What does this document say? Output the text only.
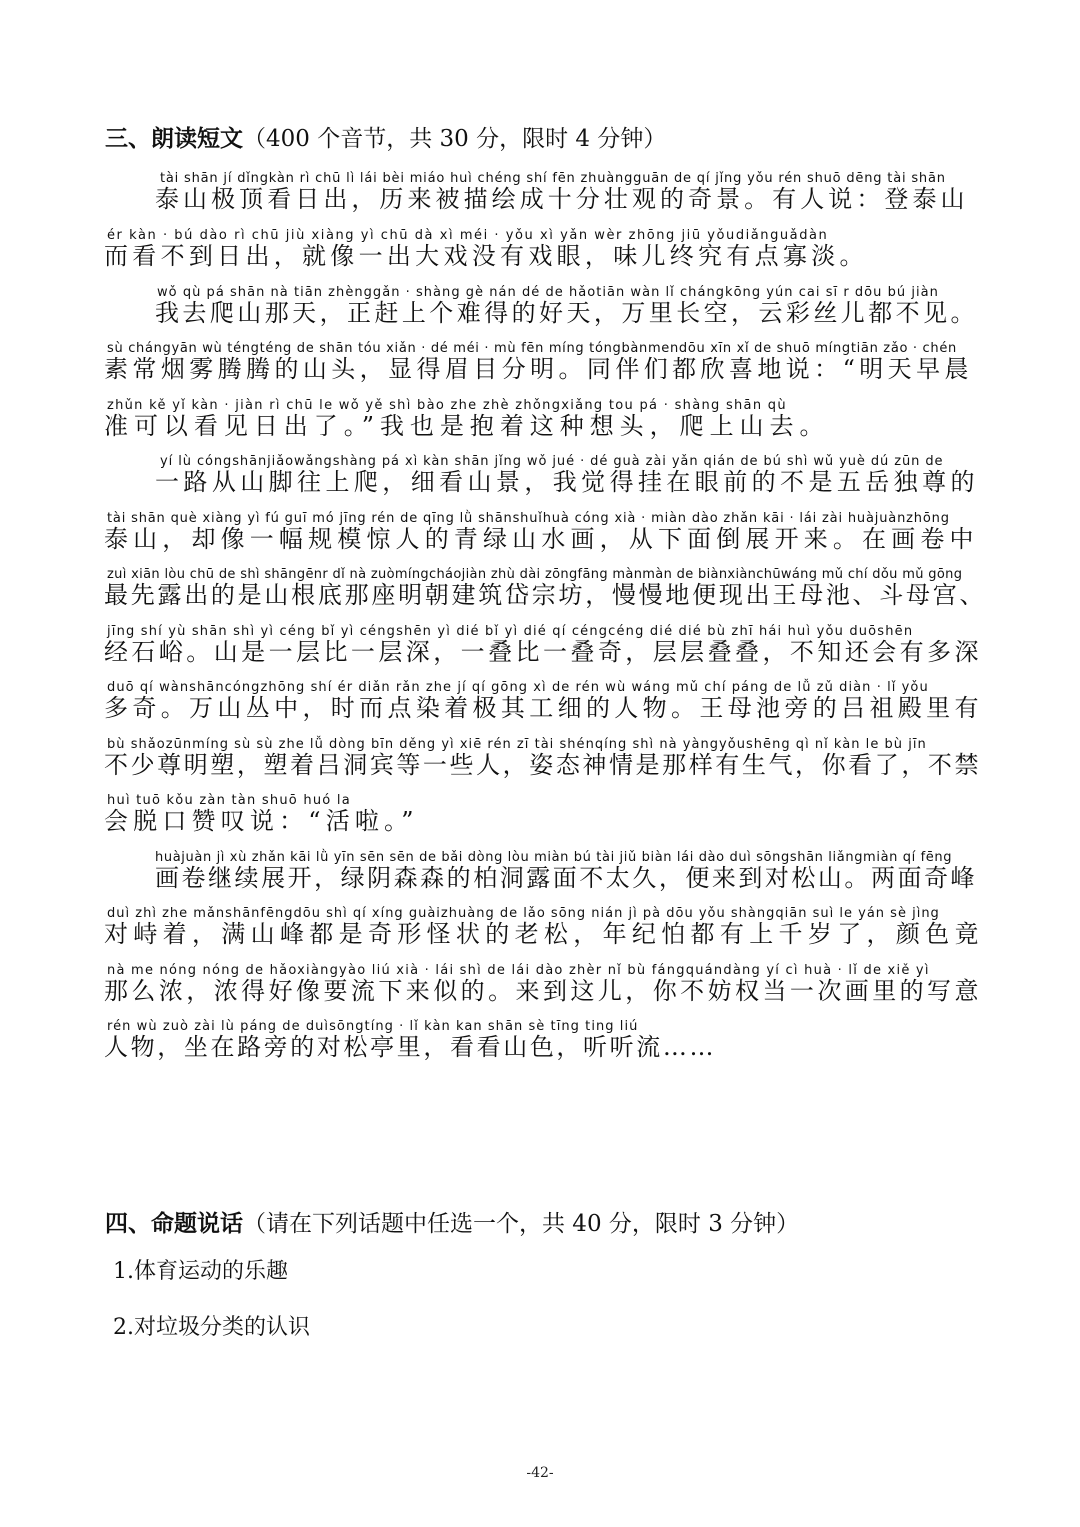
三、朗读短文（400 个音节，共 30 分，限时 4 分钟）
tài shān jí dǐngkàn rì chū lì lái bèi miáo huì chéng shí fēn zhuàngguān de qí jǐng yǒu rén shuō dēng tài shān
泰山极顶看日出，历来被描绘成十分壮观的奇景。有人说：登泰山
ér kàn · bú dào rì chū jiù xiàng yì chū dà xì méi · yǒu xì yǎn wèr zhōng jiū yǒudiǎnguǎdàn
而看不到日出，就像一出大戏没有戏眼，味儿终究有点寡淡。
wǒ qù pá shān nà tiān zhènggǎn · shàng gè nán dé de hǎotiān wàn lǐ chángkōng yún cai sī r dōu bú jiàn
我去爬山那天，正赶上个难得的好天，万里长空，云彩丝儿都不见。
sù chángyān wù téngténg de shān tóu xiǎn · dé méi · mù fēn míng tóngbànmendōu xīn xǐ de shuō míngtiān zǎo · chén
素常烟雾腾腾的山头，显得眉目分明。同伴们都欣喜地说：“明天早晨
zhǔn kě yǐ kàn · jiàn rì chū le wǒ yě shì bào zhe zhè zhǒngxiǎng tou pá · shàng shān qù
准可以看见日出了。”我也是抱着这种想头，爬上山去。
yí lù cóngshānjiǎowǎngshàng pá xì kàn shān jǐng wǒ jué · dé guà zài yǎn qián de bú shì wǔ yuè dú zūn de
一路从山脚往上爬，细看山景，我觉得挂在眼前的不是五岳独尊的
tài shān què xiàng yì fú guī mó jīng rén de qīng lǜ shānshuǐhuà cóng xià · miàn dào zhǎn kāi · lái zài huàjuànzhōng
泰山，却像一幅规模惊人的青绿山水画，从下面倒展开来。在画卷中
zuì xiān lòu chū de shì shāngēnr dǐ nà zuòmíngcháojiàn zhù dài zōngfāng mànmàn de biànxiànchūwáng mǔ chí dǒu mǔ gōng
最先露出的是山根底那座明朝建筑岱宗坊，慢慢地便现出王母池、斗母宫、
jīng shí yù shān shì yì céng bǐ yì céngshēn yì dié bǐ yì dié qí céngcéng dié dié bù zhī hái huì yǒu duōshēn
经石峪。山是一层比一层深，一叠比一叠奇，层层叠叠，不知还会有多深
duō qí wànshāncóngzhōng shí ér diǎn rǎn zhe jí qí gōng xì de rén wù wáng mǔ chí páng de lǚ zǔ diàn · lǐ yǒu
多奇。万山丛中，时而点染着极其工细的人物。王母池旁的吕祖殿里有
bù shǎozūnmíng sù sù zhe lǚ dòng bīn děng yì xiē rén zī tài shénqíng shì nà yàngyǒushēng qì nǐ kàn le bù jīn
不少尊明塑，塑着吕洞宾等一些人，姿态神情是那样有生气，你看了，不禁
huì tuō kǒu zàn tàn shuō huó la
会脱口赞叹说：“活啦。”
huàjuàn jì xù zhǎn kāi lǜ yīn sēn sēn de bǎi dòng lòu miàn bú tài jiǔ biàn lái dào duì sōngshān liǎngmiàn qí fēng
画卷继续展开，绿阴森森的柏洞露面不太久，便来到对松山。两面奇峰
duì zhì zhe mǎnshānfēngdōu shì qí xíng guàizhuàng de lǎo sōng nián jì pà dōu yǒu shàngqiān suì le yán sè jìng
对峙着，满山峰都是奇形怪状的老松，年纪怕都有上千岁了，颜色竟
nà me nóng nóng de hǎoxiàngyào liú xià · lái shì de lái dào zhèr nǐ bù fángquándàng yí cì huà · lǐ de xiě yì
那么浓，浓得好像要流下来似的。来到这儿，你不妨权当一次画里的写意
rén wù zuò zài lù páng de duìsōngtíng · lǐ kàn kan shān sè tīng ting liú
人物，坐在路旁的对松亭里，看看山色，听听流……
四、命题说话（请在下列话题中任选一个，共 40 分，限时 3 分钟）
1.体育运动的乐趣
2.对垃圾分类的认识
-42-
